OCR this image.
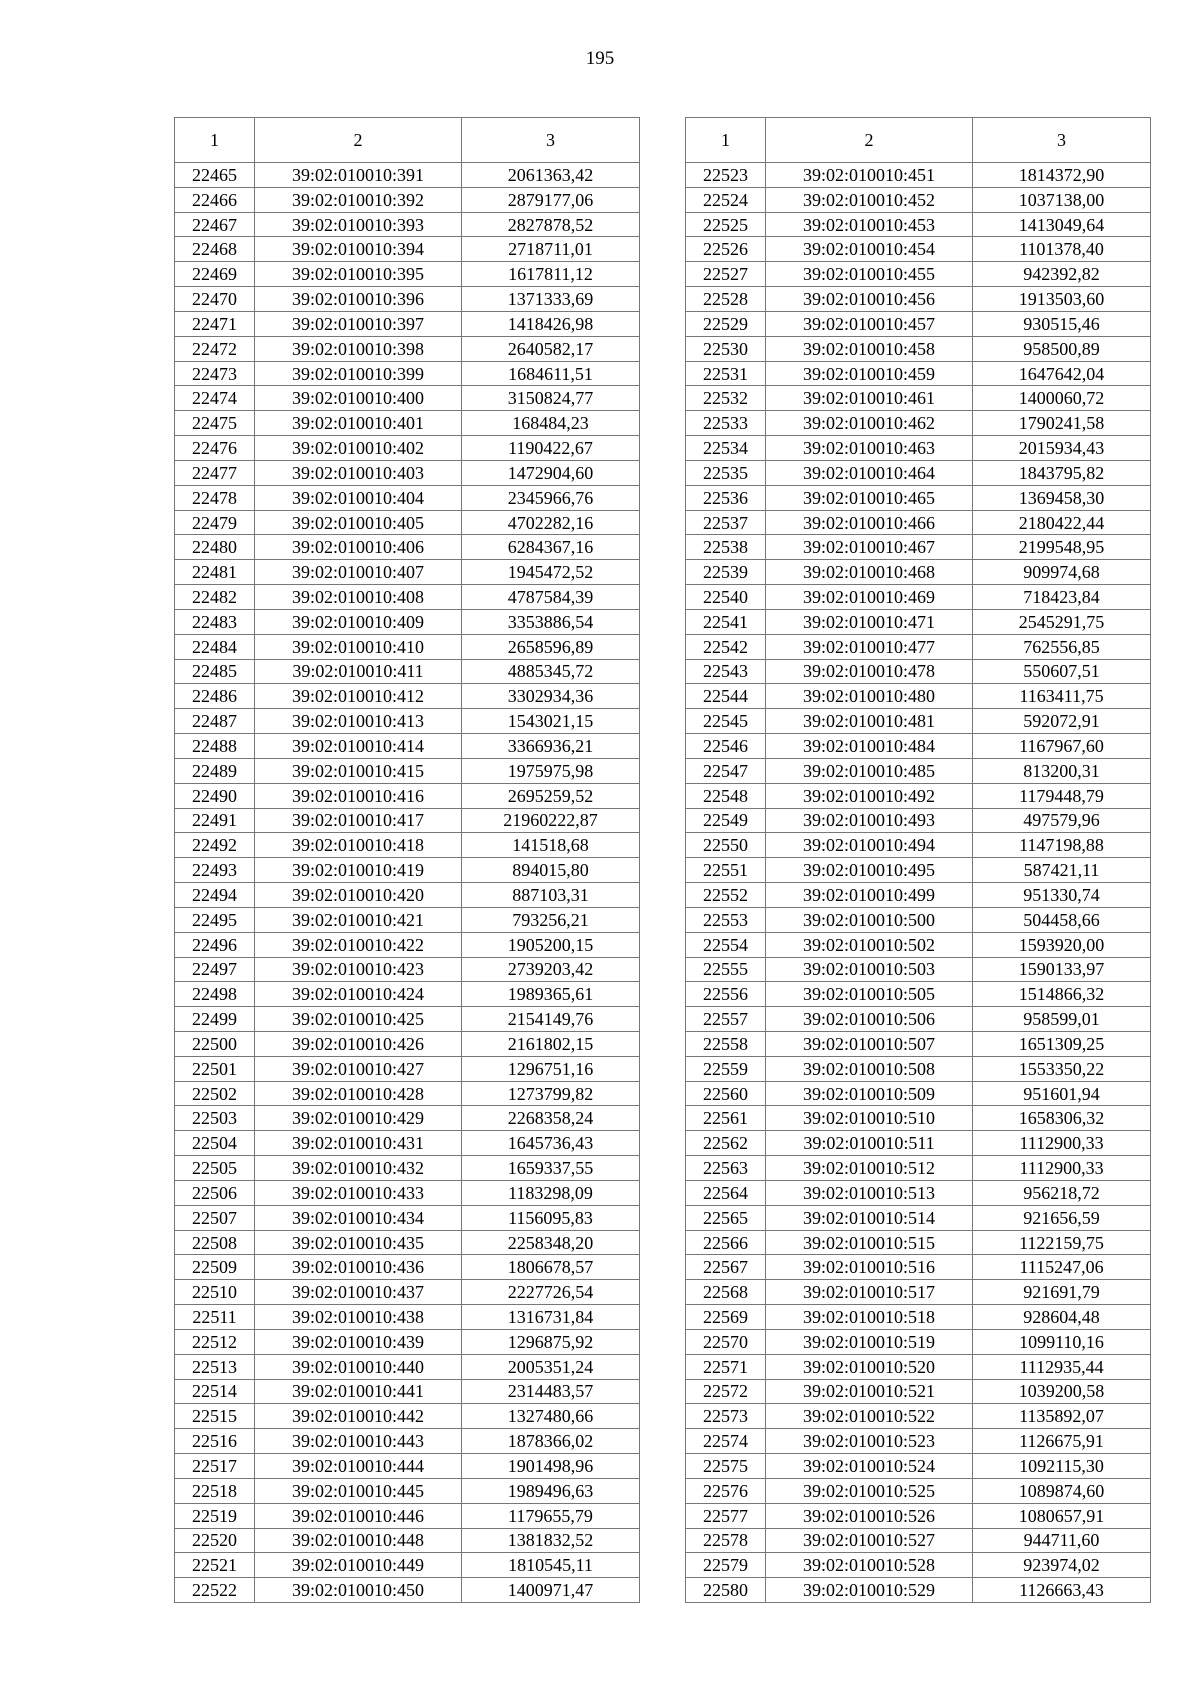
195
1	2	3
22465	39:02:010010:391	2061363,42
22466	39:02:010010:392	2879177,06
22467	39:02:010010:393	2827878,52
22468	39:02:010010:394	2718711,01
22469	39:02:010010:395	1617811,12
22470	39:02:010010:396	1371333,69
22471	39:02:010010:397	1418426,98
22472	39:02:010010:398	2640582,17
22473	39:02:010010:399	1684611,51
22474	39:02:010010:400	3150824,77
22475	39:02:010010:401	168484,23
22476	39:02:010010:402	1190422,67
22477	39:02:010010:403	1472904,60
22478	39:02:010010:404	2345966,76
22479	39:02:010010:405	4702282,16
22480	39:02:010010:406	6284367,16
22481	39:02:010010:407	1945472,52
22482	39:02:010010:408	4787584,39
22483	39:02:010010:409	3353886,54
22484	39:02:010010:410	2658596,89
22485	39:02:010010:411	4885345,72
22486	39:02:010010:412	3302934,36
22487	39:02:010010:413	1543021,15
22488	39:02:010010:414	3366936,21
22489	39:02:010010:415	1975975,98
22490	39:02:010010:416	2695259,52
22491	39:02:010010:417	21960222,87
22492	39:02:010010:418	141518,68
22493	39:02:010010:419	894015,80
22494	39:02:010010:420	887103,31
22495	39:02:010010:421	793256,21
22496	39:02:010010:422	1905200,15
22497	39:02:010010:423	2739203,42
22498	39:02:010010:424	1989365,61
22499	39:02:010010:425	2154149,76
22500	39:02:010010:426	2161802,15
22501	39:02:010010:427	1296751,16
22502	39:02:010010:428	1273799,82
22503	39:02:010010:429	2268358,24
22504	39:02:010010:431	1645736,43
22505	39:02:010010:432	1659337,55
22506	39:02:010010:433	1183298,09
22507	39:02:010010:434	1156095,83
22508	39:02:010010:435	2258348,20
22509	39:02:010010:436	1806678,57
22510	39:02:010010:437	2227726,54
22511	39:02:010010:438	1316731,84
22512	39:02:010010:439	1296875,92
22513	39:02:010010:440	2005351,24
22514	39:02:010010:441	2314483,57
22515	39:02:010010:442	1327480,66
22516	39:02:010010:443	1878366,02
22517	39:02:010010:444	1901498,96
22518	39:02:010010:445	1989496,63
22519	39:02:010010:446	1179655,79
22520	39:02:010010:448	1381832,52
22521	39:02:010010:449	1810545,11
22522	39:02:010010:450	1400971,47
1	2	3
22523	39:02:010010:451	1814372,90
22524	39:02:010010:452	1037138,00
22525	39:02:010010:453	1413049,64
22526	39:02:010010:454	1101378,40
22527	39:02:010010:455	942392,82
22528	39:02:010010:456	1913503,60
22529	39:02:010010:457	930515,46
22530	39:02:010010:458	958500,89
22531	39:02:010010:459	1647642,04
22532	39:02:010010:461	1400060,72
22533	39:02:010010:462	1790241,58
22534	39:02:010010:463	2015934,43
22535	39:02:010010:464	1843795,82
22536	39:02:010010:465	1369458,30
22537	39:02:010010:466	2180422,44
22538	39:02:010010:467	2199548,95
22539	39:02:010010:468	909974,68
22540	39:02:010010:469	718423,84
22541	39:02:010010:471	2545291,75
22542	39:02:010010:477	762556,85
22543	39:02:010010:478	550607,51
22544	39:02:010010:480	1163411,75
22545	39:02:010010:481	592072,91
22546	39:02:010010:484	1167967,60
22547	39:02:010010:485	813200,31
22548	39:02:010010:492	1179448,79
22549	39:02:010010:493	497579,96
22550	39:02:010010:494	1147198,88
22551	39:02:010010:495	587421,11
22552	39:02:010010:499	951330,74
22553	39:02:010010:500	504458,66
22554	39:02:010010:502	1593920,00
22555	39:02:010010:503	1590133,97
22556	39:02:010010:505	1514866,32
22557	39:02:010010:506	958599,01
22558	39:02:010010:507	1651309,25
22559	39:02:010010:508	1553350,22
22560	39:02:010010:509	951601,94
22561	39:02:010010:510	1658306,32
22562	39:02:010010:511	1112900,33
22563	39:02:010010:512	1112900,33
22564	39:02:010010:513	956218,72
22565	39:02:010010:514	921656,59
22566	39:02:010010:515	1122159,75
22567	39:02:010010:516	1115247,06
22568	39:02:010010:517	921691,79
22569	39:02:010010:518	928604,48
22570	39:02:010010:519	1099110,16
22571	39:02:010010:520	1112935,44
22572	39:02:010010:521	1039200,58
22573	39:02:010010:522	1135892,07
22574	39:02:010010:523	1126675,91
22575	39:02:010010:524	1092115,30
22576	39:02:010010:525	1089874,60
22577	39:02:010010:526	1080657,91
22578	39:02:010010:527	944711,60
22579	39:02:010010:528	923974,02
22580	39:02:010010:529	1126663,43
